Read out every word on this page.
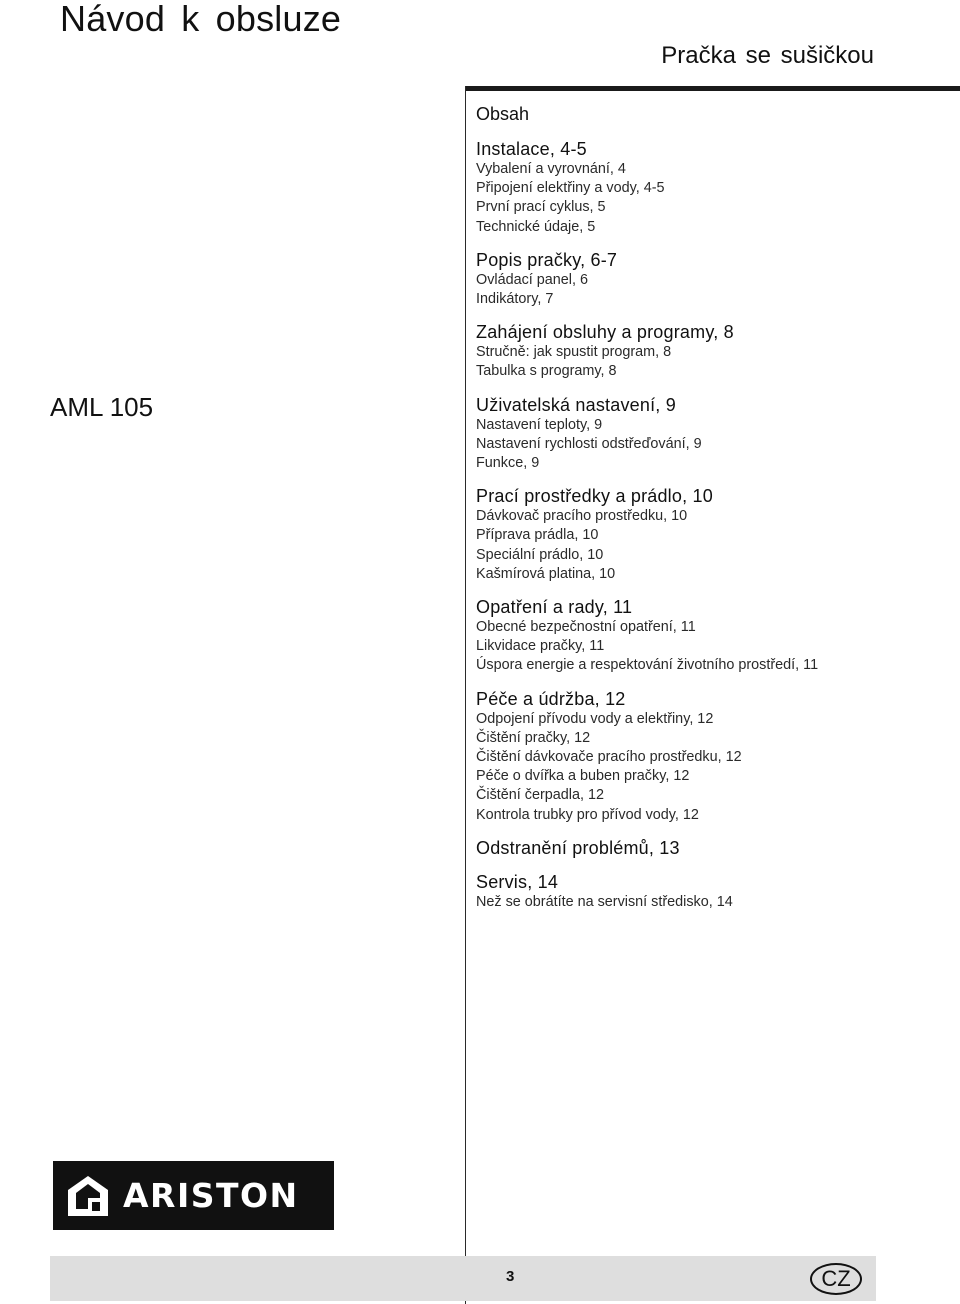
Návod k obsluze
Pračka se sušičkou
AML 105
Obsah
Instalace, 4-5
Vybalení a vyrovnání, 4
Připojení elektřiny a vody, 4-5
První prací cyklus, 5
Technické údaje, 5
Popis pračky, 6-7
Ovládací panel, 6
Indikátory, 7
Zahájení obsluhy a programy, 8
Stručně: jak spustit program, 8
Tabulka s programy, 8
Uživatelská nastavení, 9
Nastavení teploty, 9
Nastavení rychlosti odstřeďování, 9
Funkce, 9
Prací prostředky a prádlo, 10
Dávkovač pracího prostředku, 10
Příprava prádla, 10
Speciální prádlo, 10
Kašmírová platina, 10
Opatření a rady, 11
Obecné bezpečnostní opatření, 11
Likvidace pračky, 11
Úspora energie a respektování životního prostředí, 11
Péče a údržba, 12
Odpojení přívodu vody a elektřiny, 12
Čištění pračky, 12
Čištění dávkovače pracího prostředku, 12
Péče o dvířka a buben pračky, 12
Čištění čerpadla, 12
Kontrola trubky pro přívod vody, 12
Odstranění problémů, 13
Servis, 14
Než se obrátíte na servisní středisko, 14
ARISTON
3	CZ
